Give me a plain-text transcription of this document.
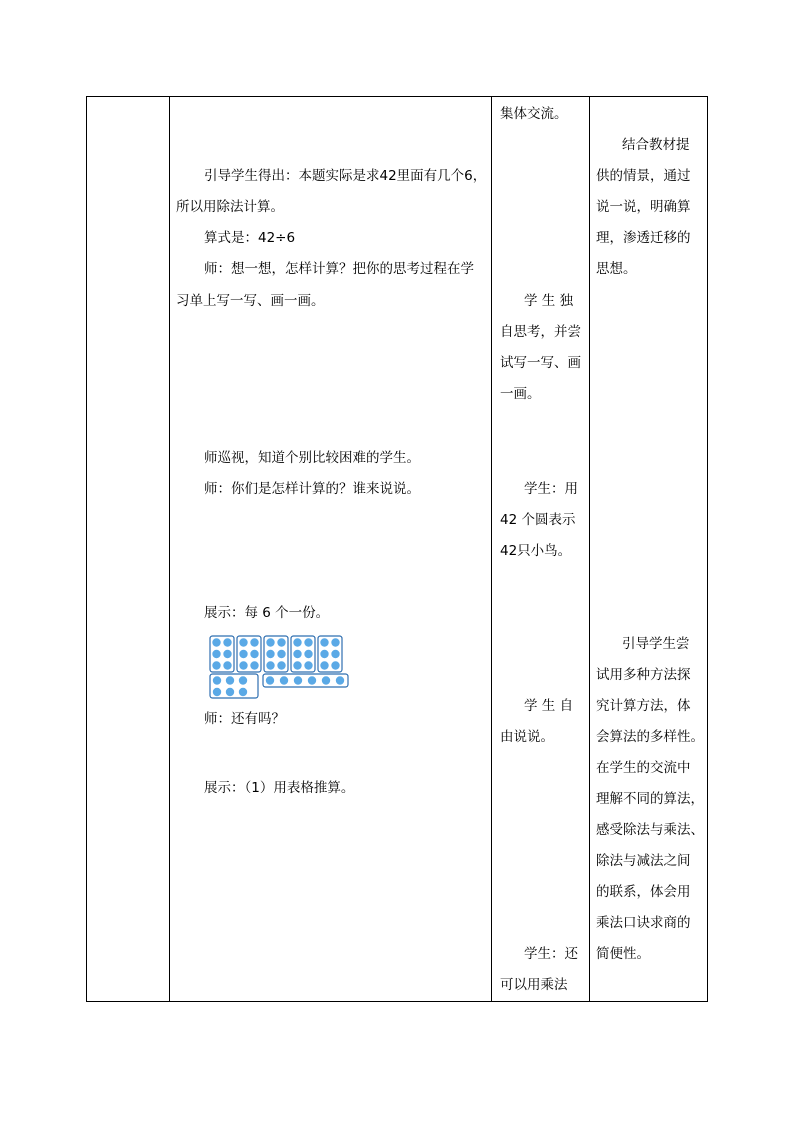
引导学生得出：本题实际是求42里面有几个6，
所以用除法计算。
算式是：42÷6
师：想一想，怎样计算？把你的思考过程在学
习单上写一写、画一画。
师巡视，知道个别比较困难的学生。
师：你们是怎样计算的？谁来说说。
展示：每 6 个一份。
师：还有吗？
展示：（1）用表格推算。
集体交流。
学 生 独
自思考，并尝
试写一写、画
一画。
学生：用
42 个圆表示
42只小鸟。
学 生 自
由说说。
学生：还
可以用乘法
结合教材提
供的情景，通过
说一说，明确算
理，渗透迁移的
思想。
引导学生尝
试用多种方法探
究计算方法，体
会算法的多样性。
在学生的交流中
理解不同的算法，
感受除法与乘法、
除法与减法之间
的联系，体会用
乘法口诀求商的
简便性。
